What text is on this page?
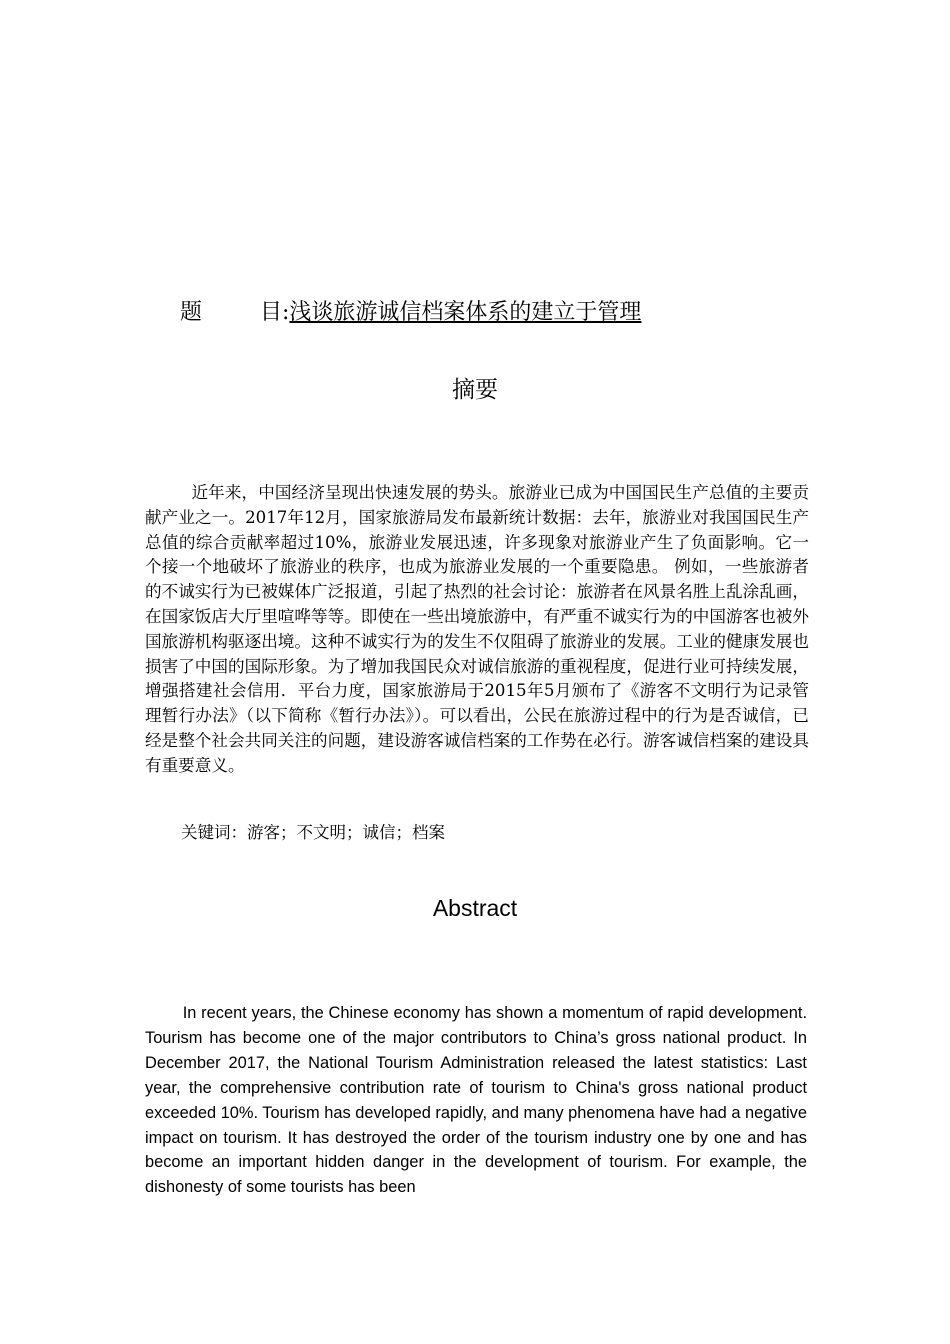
题	目:浅谈旅游诚信档案体系的建立于管理
摘要

近年来，中国经济呈现出快速发展的势头。旅游业已成为中国国民生产总值的主要贡献产业之一。2017年12月，国家旅游局发布最新统计数据：去年，旅游业对我国国民生产总值的综合贡献率超过10%，旅游业发展迅速，许多现象对旅游业产生了负面影响。它一个接一个地破坏了旅游业的秩序，也成为旅游业发展的一个重要隐患。 例如，一些旅游者的不诚实行为已被媒体广泛报道，引起了热烈的社会讨论：旅游者在风景名胜上乱涂乱画，在国家饭店大厅里喧哗等等。即使在一些出境旅游中，有严重不诚实行为的中国游客也被外国旅游机构驱逐出境。这种不诚实行为的发生不仅阻碍了旅游业的发展。工业的健康发展也损害了中国的国际形象。为了增加我国民众对诚信旅游的重视程度，促进行业可持续发展，增强搭建社会信用．平台力度，国家旅游局于2015年5月颁布了《游客不文明行为记录管理暂行办法》（以下简称《暂行办法》）。可以看出，公民在旅游过程中的行为是否诚信，已经是整个社会共同关注的问题，建设游客诚信档案的工作势在必行。游客诚信档案的建设具有重要意义。

关键词：游客；不文明；诚信；档案
Abstract

In recent years, the Chinese economy has shown a momentum of rapid development. Tourism has become one of the major contributors to China’s gross national product. In December 2017, the National Tourism Administration released the latest statistics: Last year, the comprehensive contribution rate of tourism to China's gross national product exceeded 10%. Tourism has developed rapidly, and many phenomena have had a negative impact on tourism. It has destroyed the order of the tourism industry one by one and has become an important hidden danger in the development of tourism. For example, the dishonesty of some tourists has been
